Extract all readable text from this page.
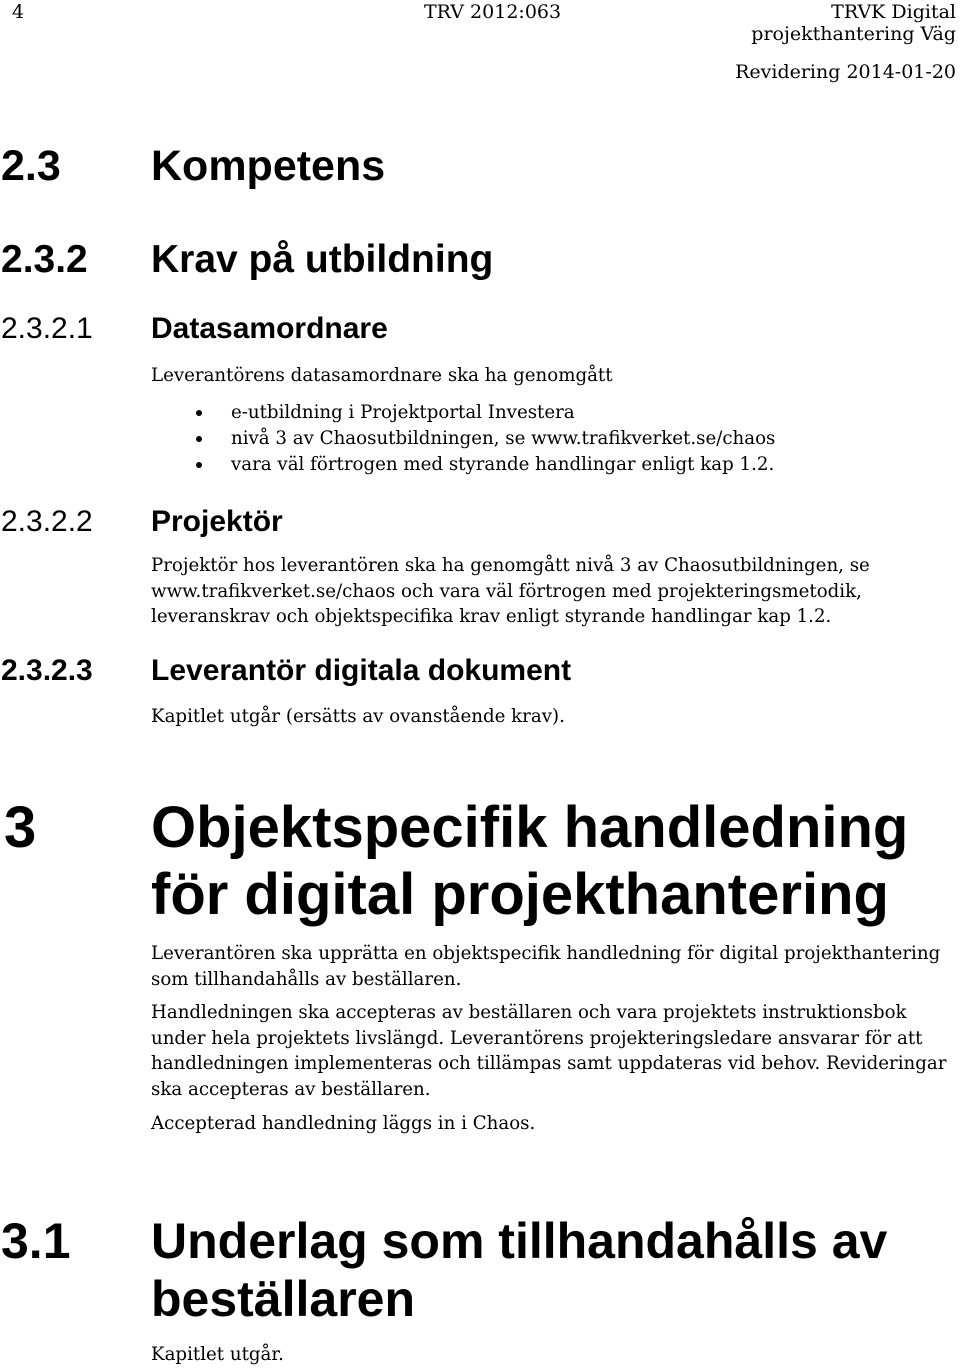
4	TRV 2012:063	TRVK Digital
projekthantering Väg
Revidering 2014-01-20
2.3 Kompetens
2.3.2 Krav på utbildning
2.3.2.1 Datasamordnare
Leverantörens datasamordnare ska ha genomgått
e-utbildning i Projektportal Investera
nivå 3 av Chaosutbildningen, se www.trafikverket.se/chaos
vara väl förtrogen med styrande handlingar enligt kap 1.2.
2.3.2.2 Projektör
Projektör hos leverantören ska ha genomgått nivå 3 av Chaosutbildningen, se
www.trafikverket.se/chaos och vara väl förtrogen med projekteringsmetodik,
leveranskrav och objektspecifika krav enligt styrande handlingar kap 1.2.
2.3.2.3 Leverantör digitala dokument
Kapitlet utgår (ersätts av ovanstående krav).
3 Objektspecifik handledning
för digital projekthantering
Leverantören ska upprätta en objektspecifik handledning för digital projekthantering
som tillhandahålls av beställaren.
Handledningen ska accepteras av beställaren och vara projektets instruktionsbok
under hela projektets livslängd. Leverantörens projekteringsledare ansvarar för att
handledningen implementeras och tillämpas samt uppdateras vid behov. Revideringar
ska accepteras av beställaren.
Accepterad handledning läggs in i Chaos.
3.1 Underlag som tillhandahålls av
beställaren
Kapitlet utgår.
